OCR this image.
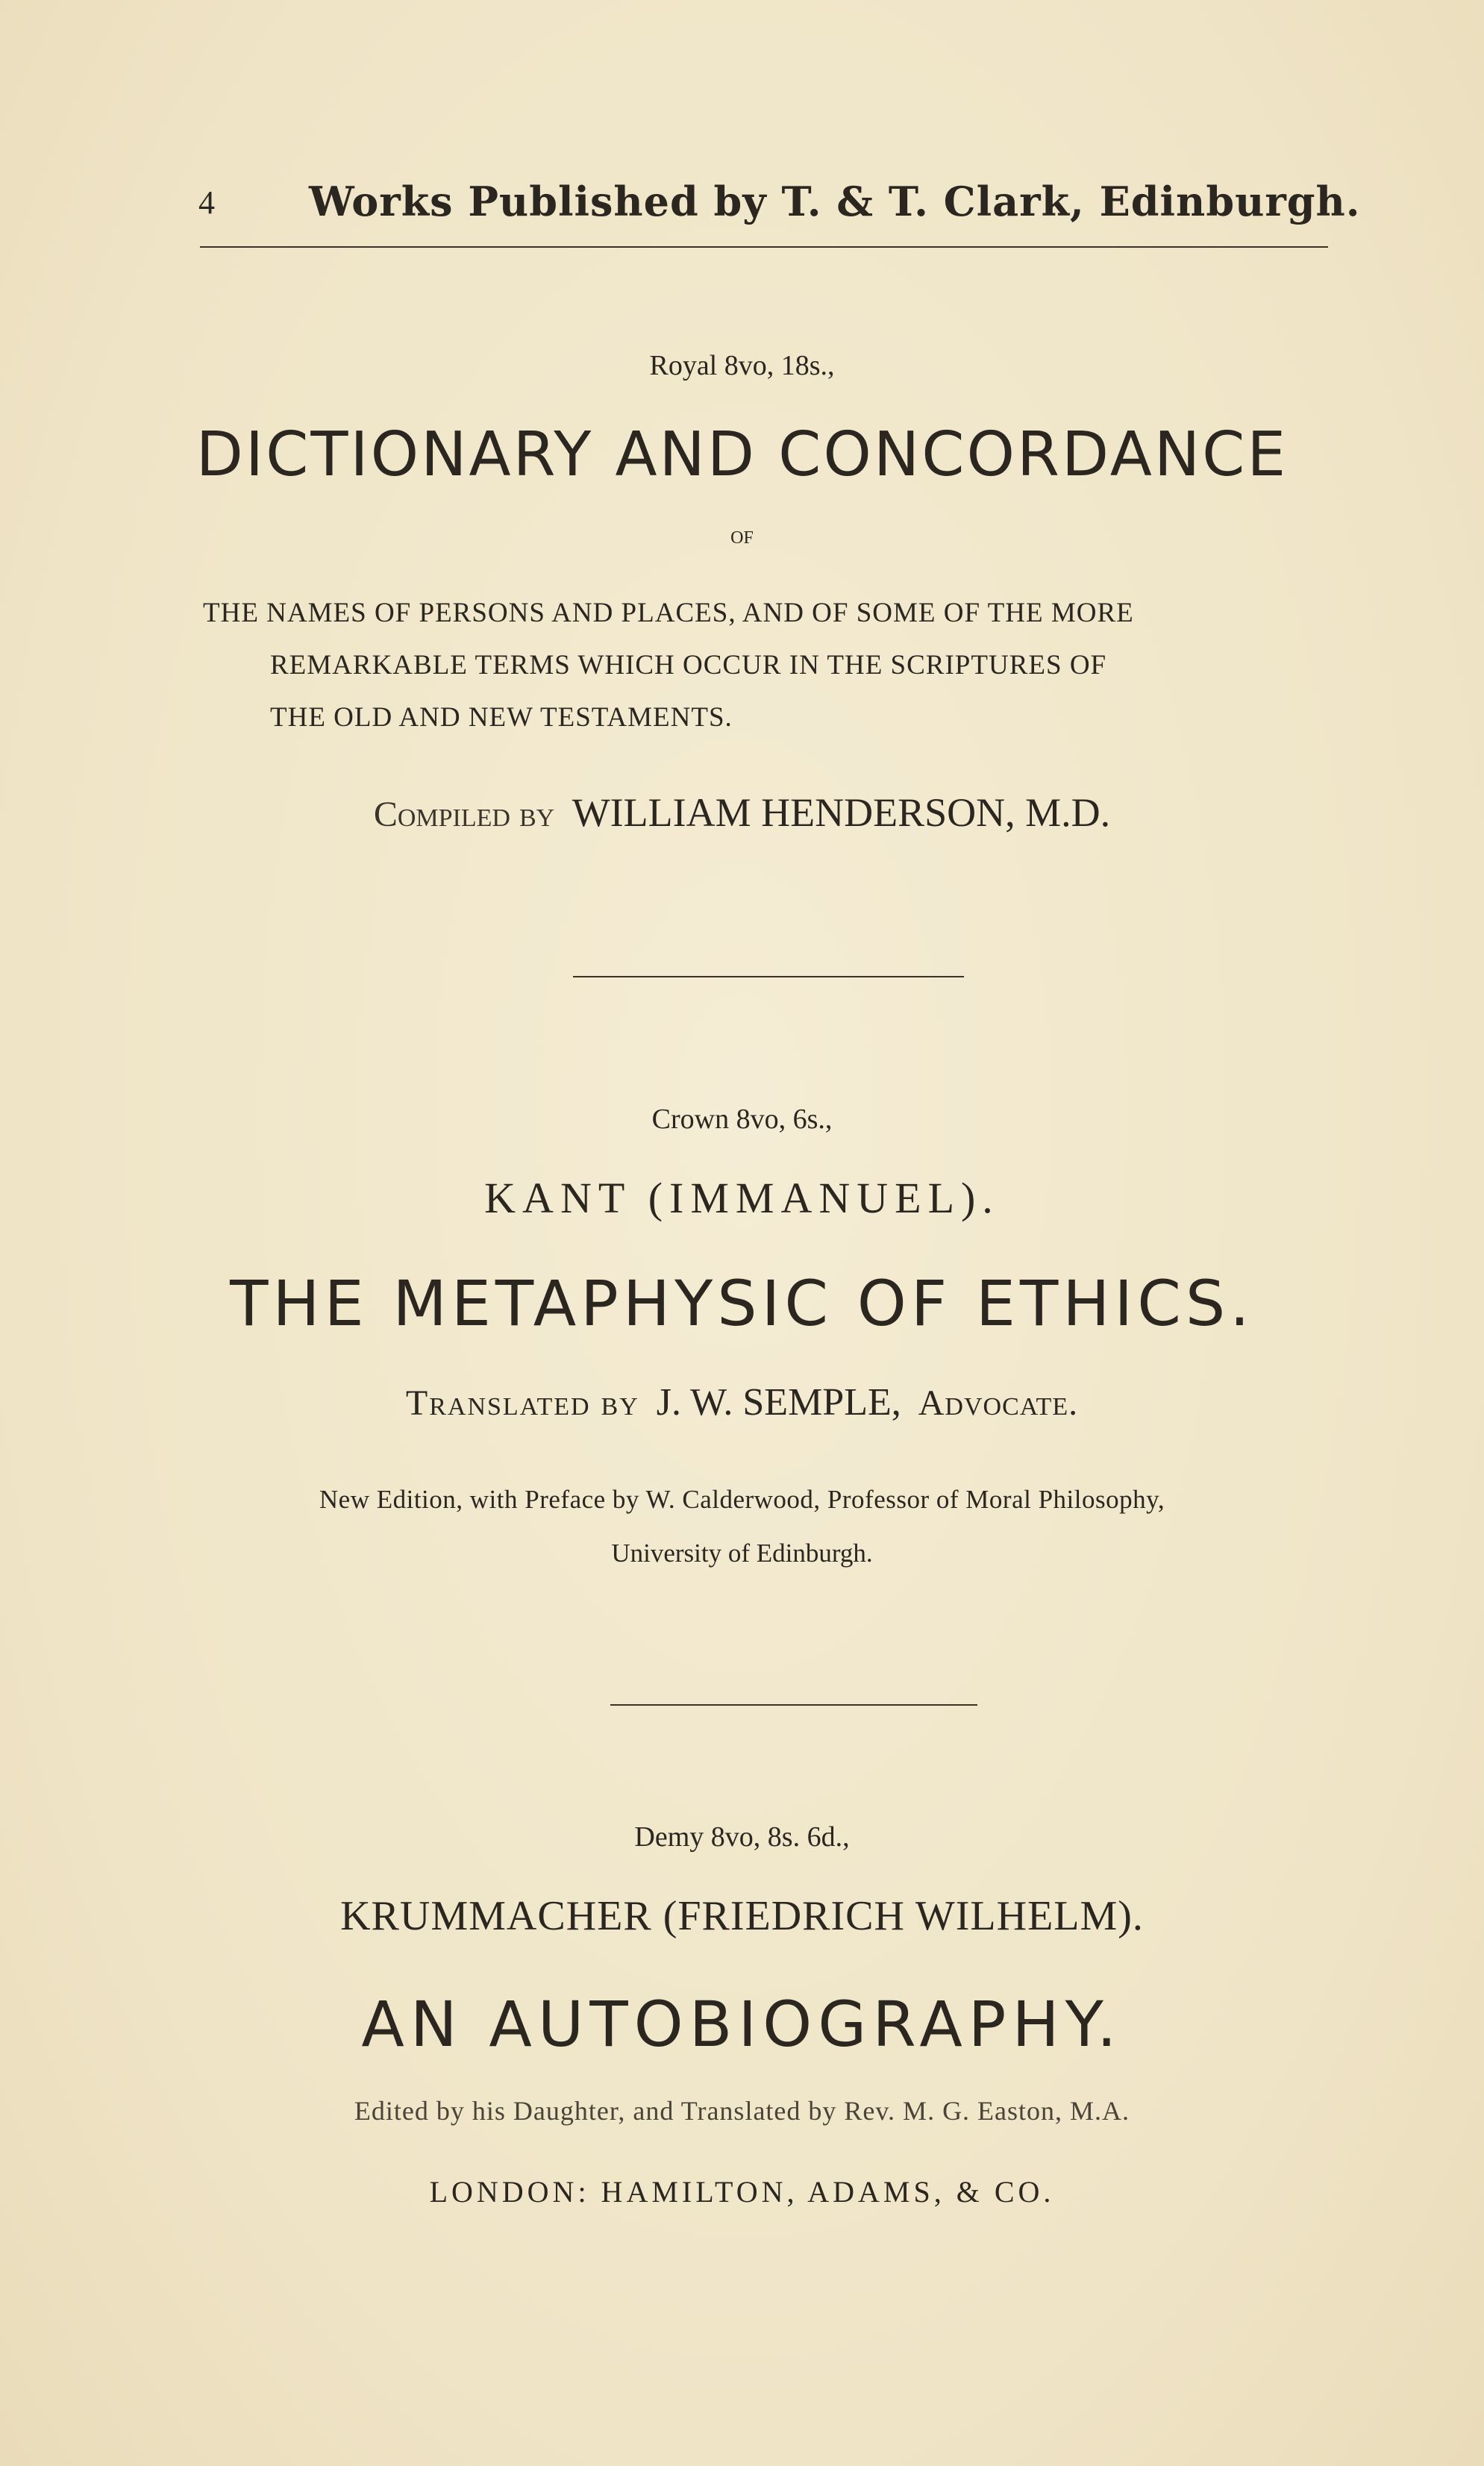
4 Works Published by T. & T. Clark, Edinburgh.
Royal 8vo, 18s.,
DICTIONARY AND CONCORDANCE
OF
THE NAMES OF PERSONS AND PLACES, AND OF SOME OF THE MORE
REMARKABLE TERMS WHICH OCCUR IN THE SCRIPTURES OF
THE OLD AND NEW TESTAMENTS.
Compiled by WILLIAM HENDERSON, M.D.
Crown 8vo, 6s.,
KANT (IMMANUEL).
THE METAPHYSIC OF ETHICS.
Translated by J. W. SEMPLE, Advocate.
New Edition, with Preface by W. Calderwood, Professor of Moral Philosophy,
University of Edinburgh.
Demy 8vo, 8s. 6d.,
KRUMMACHER (FRIEDRICH WILHELM).
AN AUTOBIOGRAPHY.
Edited by his Daughter, and Translated by Rev. M. G. Easton, M.A.
LONDON: HAMILTON, ADAMS, & CO.
